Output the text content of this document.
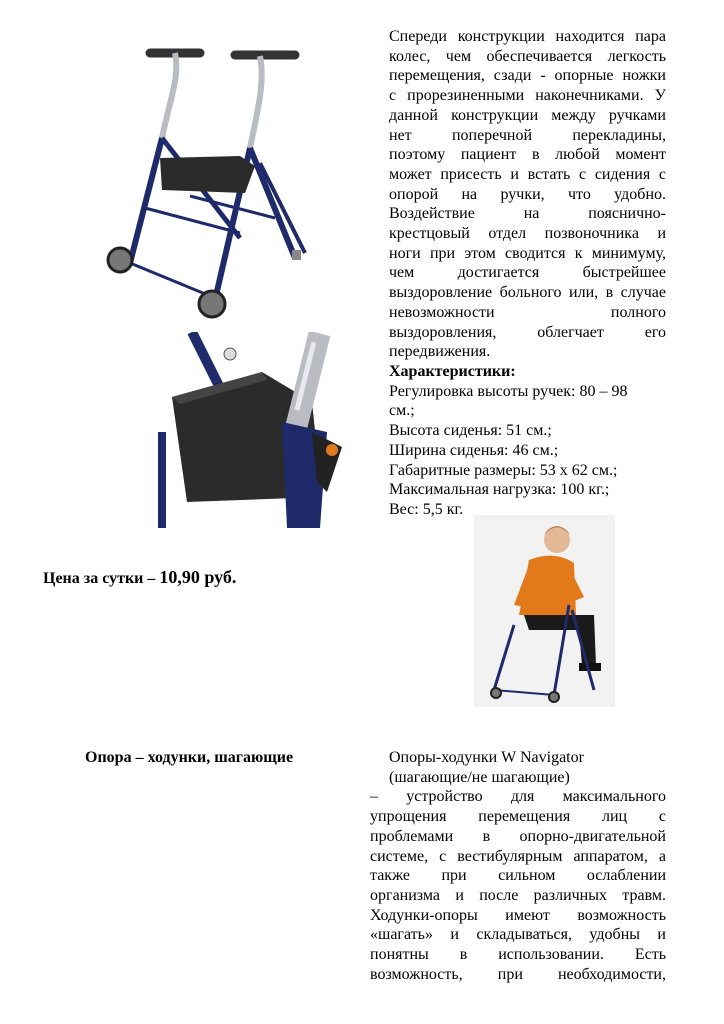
Спереди конструкции находится пара
колес, чем обеспечивается легкость
перемещения, сзади - опорные ножки
с прорезиненными наконечниками. У
данной конструкции между ручками
нет поперечной перекладины,
поэтому пациент в любой момент
может присесть и встать с сидения с
опорой на ручки, что удобно.
Воздействие на пояснично-
крестцовый отдел позвоночника и
ноги при этом сводится к минимуму,
чем достигается быстрейшее
выздоровление больного или, в случае
невозможности полного
выздоровления, облегчает его
передвижения.

Характеристики:
Регулировка высоты ручек: 80 – 98
см.;
Высота сиденья: 51 см.;
Ширина сиденья: 46 см.;
Габаритные размеры: 53 х 62 см.;
Максимальная нагрузка: 100 кг.;
Вес: 5,5 кг.
Цена за сутки – 10,90 руб.
Опора – ходунки, шагающие	Опоры-ходунки W Navigator
(шагающие/не шагающие)
– устройство для максимального
упрощения перемещения лиц с
проблемами в опорно-двигательной
системе, с вестибулярным аппаратом, а
также при сильном ослаблении
организма и после различных травм.
Ходунки-опоры имеют возможность
«шагать» и складываться, удобны и
понятны в использовании. Есть
возможность, при необходимости,
